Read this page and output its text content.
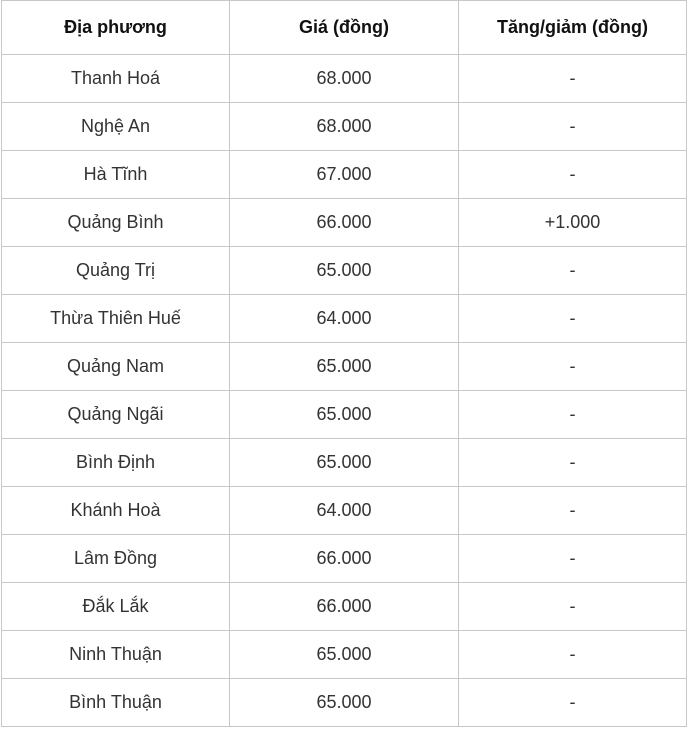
Địa phương	Giá (đồng)	Tăng/giảm (đồng)
Thanh Hoá	68.000	-
Nghệ An	68.000	-
Hà Tĩnh	67.000	-
Quảng Bình	66.000	+1.000
Quảng Trị	65.000	-
Thừa Thiên Huế	64.000	-
Quảng Nam	65.000	-
Quảng Ngãi	65.000	-
Bình Định	65.000	-
Khánh Hoà	64.000	-
Lâm Đồng	66.000	-
Đắk Lắk	66.000	-
Ninh Thuận	65.000	-
Bình Thuận	65.000	-
